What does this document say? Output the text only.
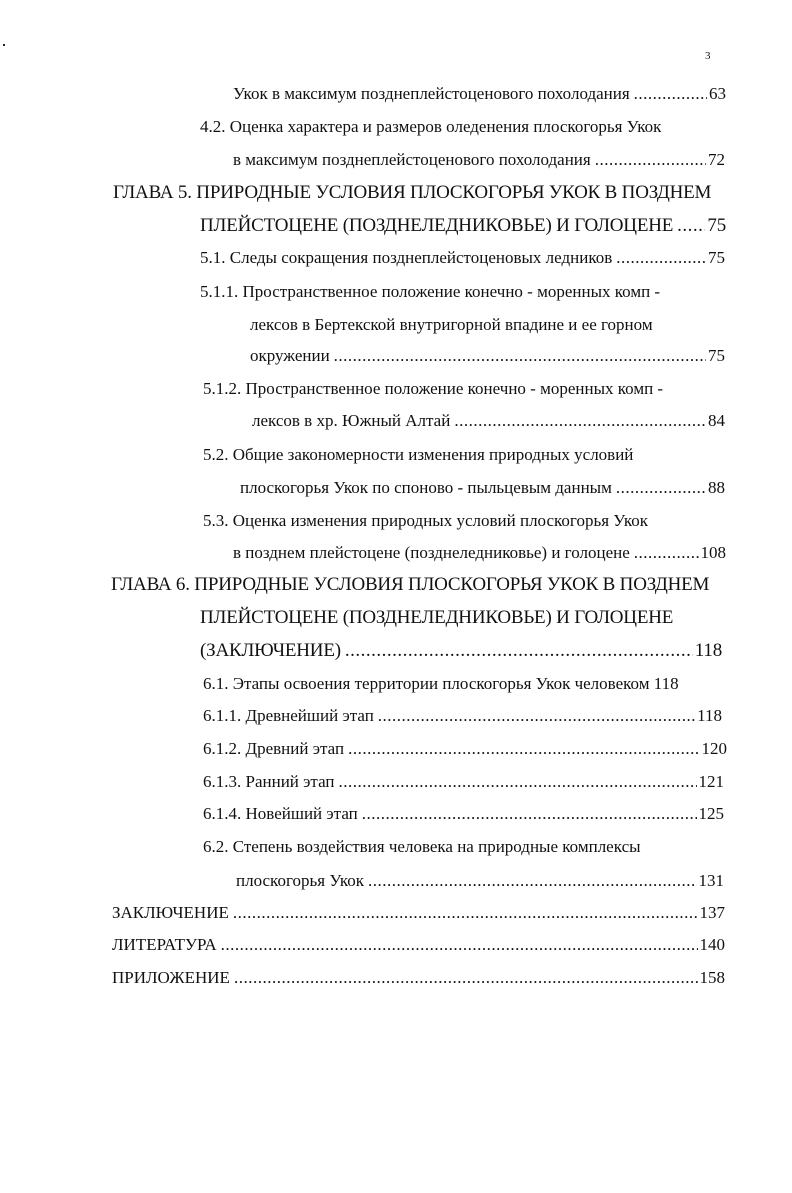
3
Укок в максимум позднеплейстоценового похолодания .....	63
4.2. Оценка характера и размеров оледенения плоскогорья Укок
в максимум позднеплейстоценового похолодания .....	72
ГЛАВА 5. ПРИРОДНЫЕ УСЛОВИЯ ПЛОСКОГОРЬЯ УКОК В ПОЗДНЕМ
ПЛЕЙСТОЦЕНЕ (ПОЗДНЕЛЕДНИКОВЬЕ) И ГОЛОЦЕНЕ ..... 75
5.1. Следы сокращения позднеплейстоценовых ледников .....	75
5.1.1. Пространственное положение конечно - моренных комп -
лексов в Бертекской внутригорной впадине и ее горном
окружении .....	75
5.1.2. Пространственное положение конечно - моренных комп -
лексов в хр. Южный Алтай .....	84
5.2. Общие закономерности изменения природных условий
плоскогорья Укок по споново - пыльцевым данным .....	88
5.3. Оценка изменения природных условий плоскогорья Укок
в позднем плейстоцене (позднеледниковье) и голоцене .....	108
ГЛАВА 6. ПРИРОДНЫЕ УСЛОВИЯ ПЛОСКОГОРЬЯ УКОК В ПОЗДНЕМ
ПЛЕЙСТОЦЕНЕ (ПОЗДНЕЛЕДНИКОВЬЕ) И ГОЛОЦЕНЕ
(ЗАКЛЮЧЕНИЕ) .....	118
6.1. Этапы освоения территории плоскогорья Укок человеком 118
6.1.1. Древнейший этап .....	118
6.1.2. Древний этап .....	120
6.1.3. Ранний этап .....	121
6.1.4. Новейший этап .....	125
6.2. Степень воздействия человека на природные комплексы
плоскогорья Укок .....	131
ЗАКЛЮЧЕНИЕ .....	137
ЛИТЕРАТУРА .....	140
ПРИЛОЖЕНИЕ .....	158
